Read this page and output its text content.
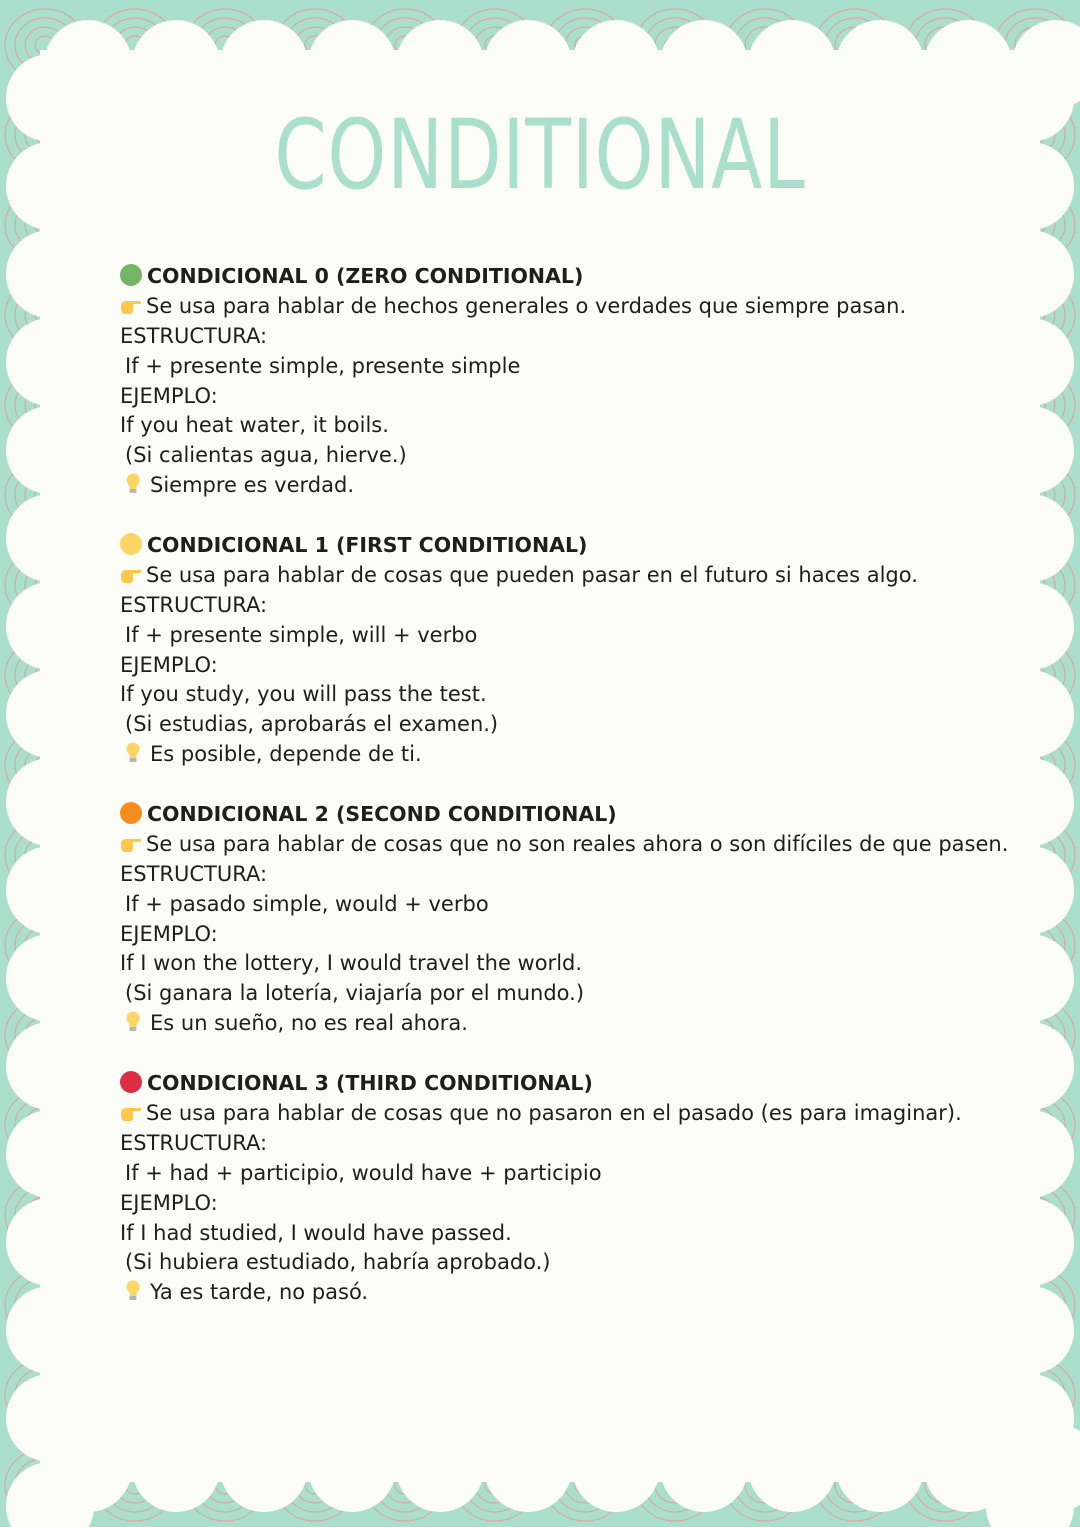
CONDITIONAL
CONDICIONAL 0 (ZERO CONDITIONAL)
Se usa para hablar de hechos generales o verdades que siempre pasan.
ESTRUCTURA:
If + presente simple, presente simple
EJEMPLO:
If you heat water, it boils.
(Si calientas agua, hierve.)
Siempre es verdad.
CONDICIONAL 1 (FIRST CONDITIONAL)
Se usa para hablar de cosas que pueden pasar en el futuro si haces algo.
ESTRUCTURA:
If + presente simple, will + verbo
EJEMPLO:
If you study, you will pass the test.
(Si estudias, aprobarás el examen.)
Es posible, depende de ti.
CONDICIONAL 2 (SECOND CONDITIONAL)
Se usa para hablar de cosas que no son reales ahora o son difíciles de que pasen.
ESTRUCTURA:
If + pasado simple, would + verbo
EJEMPLO:
If I won the lottery, I would travel the world.
(Si ganara la lotería, viajaría por el mundo.)
Es un sueño, no es real ahora.
CONDICIONAL 3 (THIRD CONDITIONAL)
Se usa para hablar de cosas que no pasaron en el pasado (es para imaginar).
ESTRUCTURA:
If + had + participio, would have + participio
EJEMPLO:
If I had studied, I would have passed.
(Si hubiera estudiado, habría aprobado.)
Ya es tarde, no pasó.
